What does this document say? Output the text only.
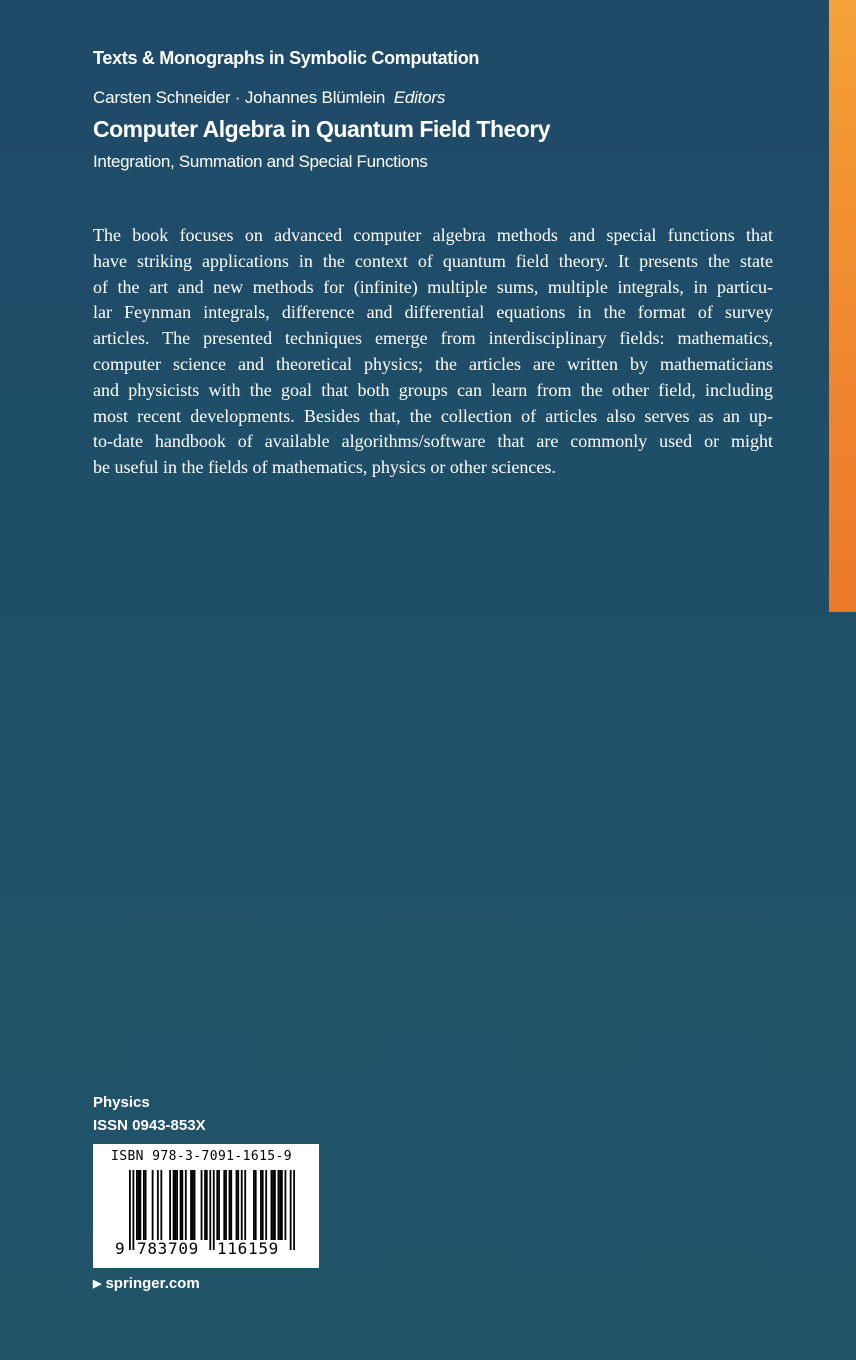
Texts & Monographs in Symbolic Computation
Carsten Schneider · Johannes Blümlein Editors
Computer Algebra in Quantum Field Theory
Integration, Summation and Special Functions
The book focuses on advanced computer algebra methods and special functions that
have striking applications in the context of quantum field theory. It presents the state
of the art and new methods for (infinite) multiple sums, multiple integrals, in particu-
lar Feynman integrals, difference and differential equations in the format of survey
articles. The presented techniques emerge from interdisciplinary fields: mathematics,
computer science and theoretical physics; the articles are written by mathematicians
and physicists with the goal that both groups can learn from the other field, including
most recent developments. Besides that, the collection of articles also serves as an up-
to-date handbook of available algorithms/software that are commonly used or might
be useful in the fields of mathematics, physics or other sciences.
Physics
ISSN 0943-853X
ISBN 978-3-7091-1615-9
9 783709 116159
▶ springer.com
